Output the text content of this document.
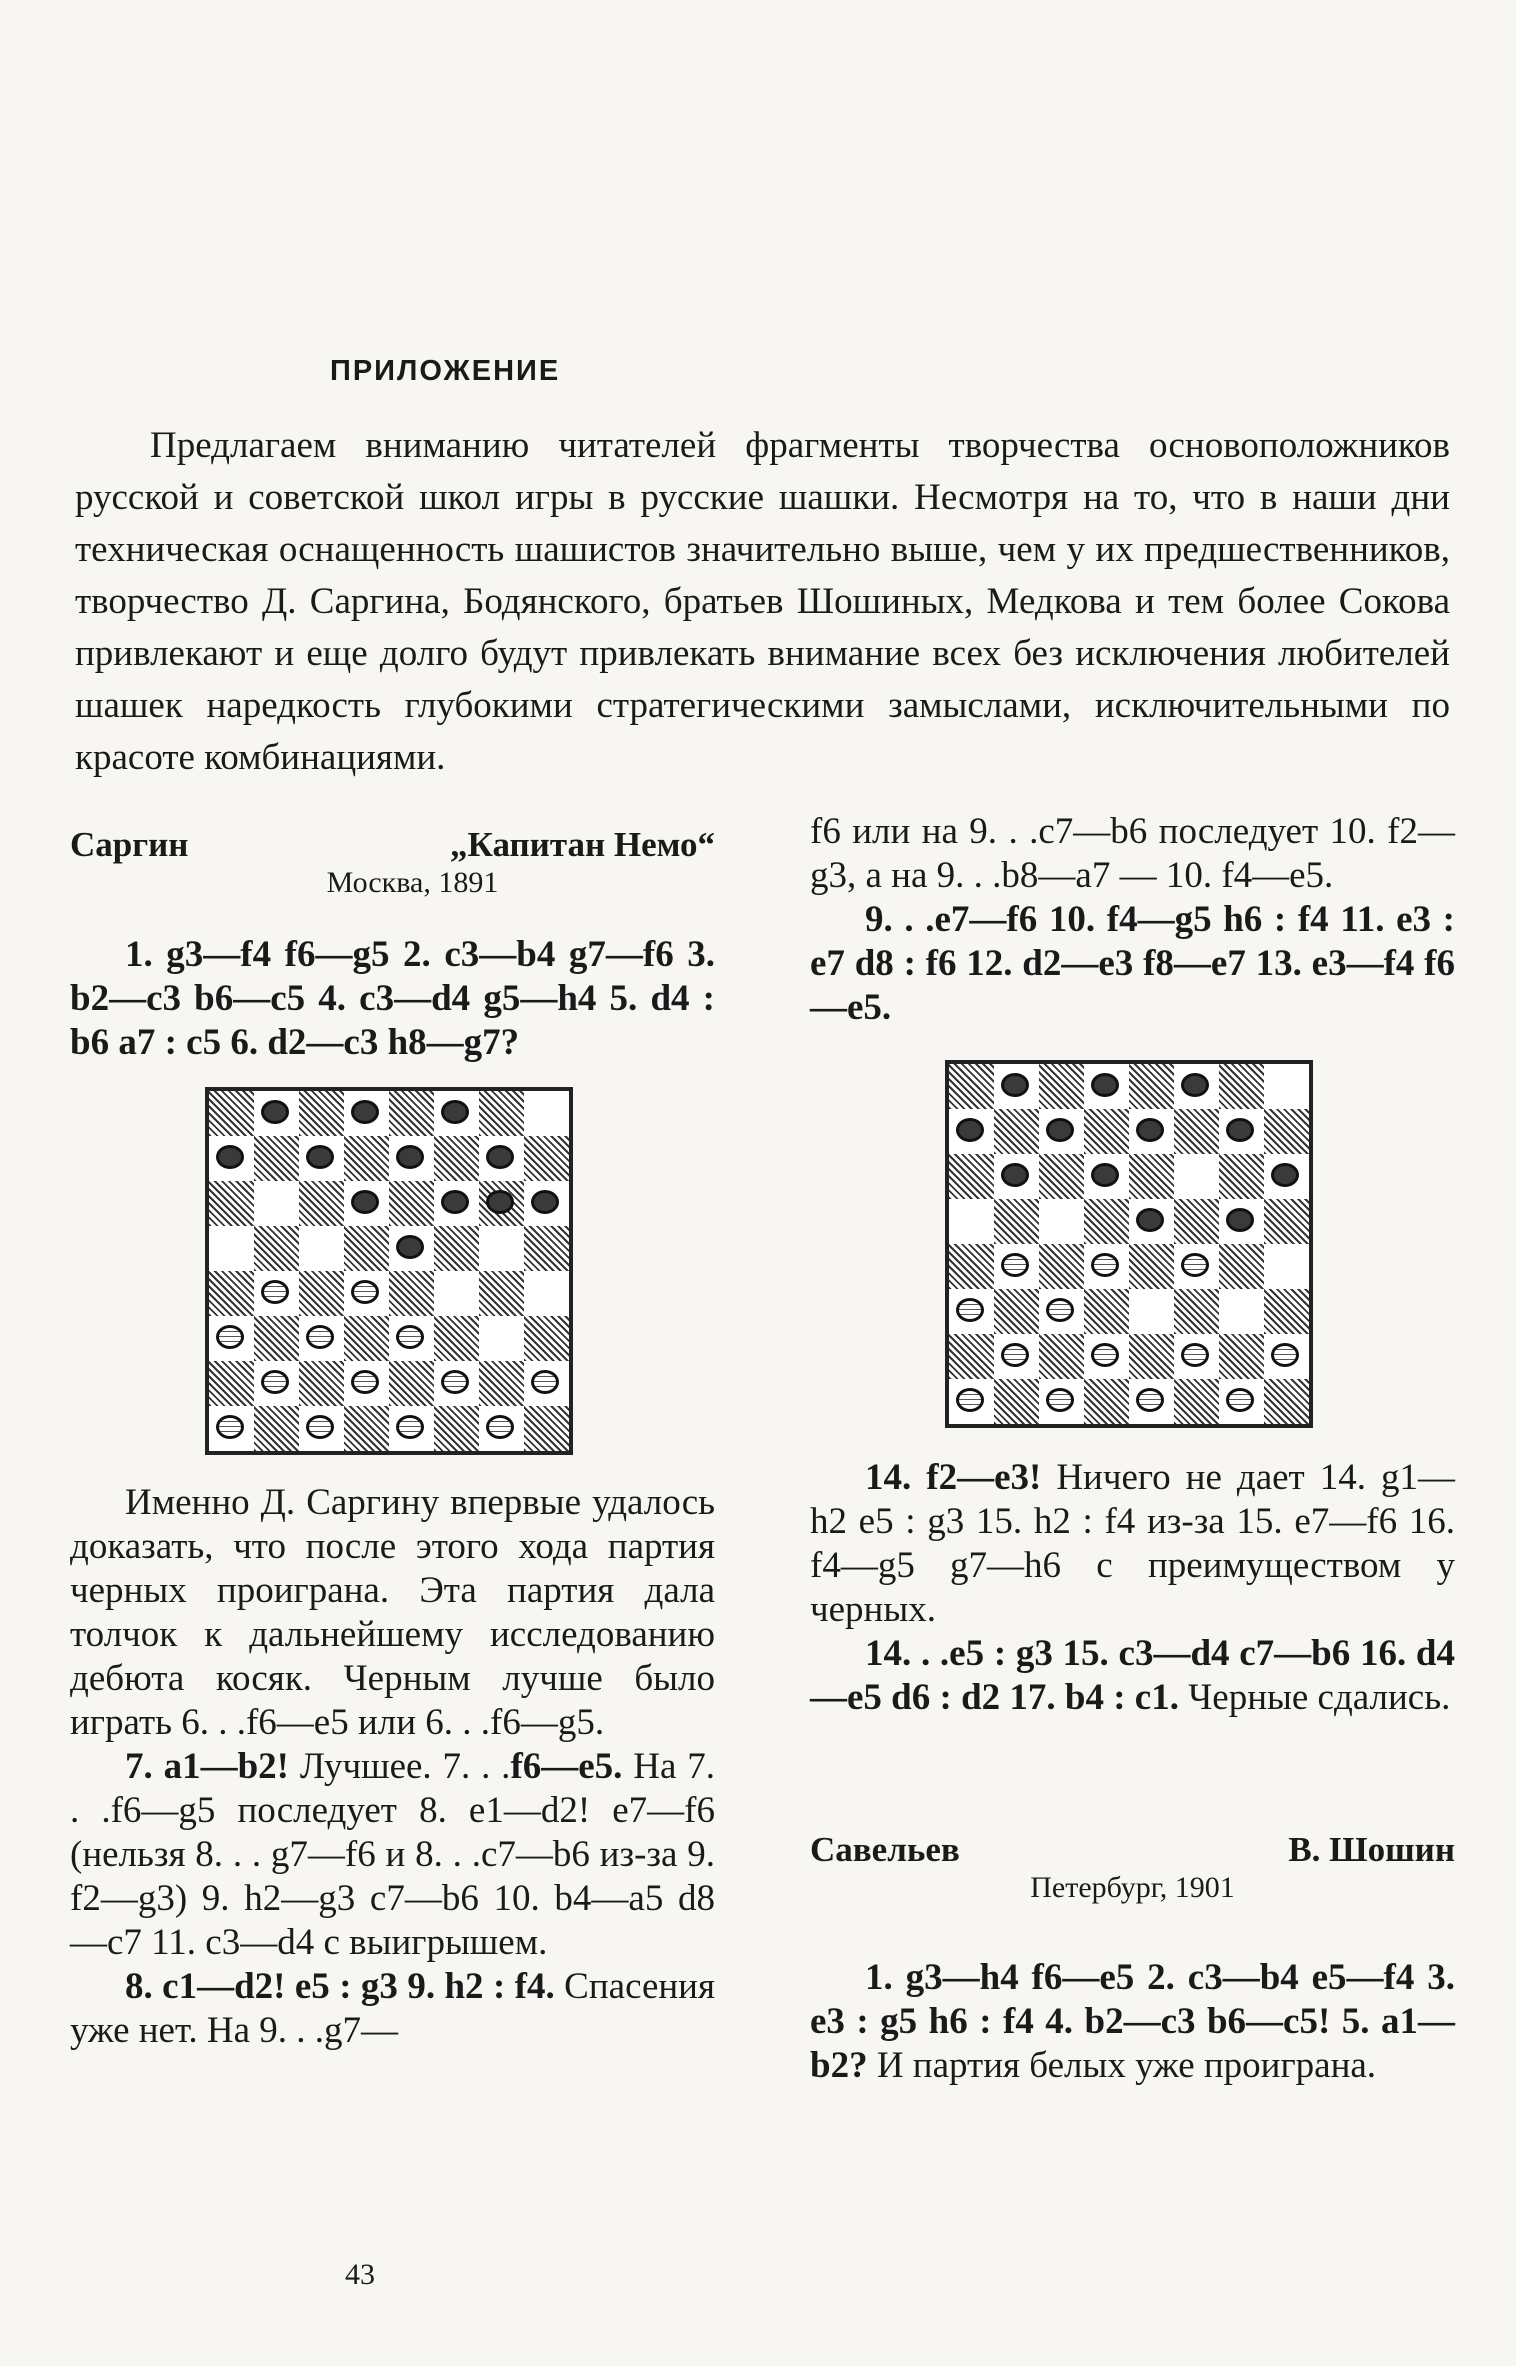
ПРИЛОЖЕНИЕ

Предлагаем вниманию читателей фрагменты творчества основоположников русской и советской школ игры в русские шашки. Несмотря на то, что в наши дни техническая оснащенность шашистов значительно выше, чем у их предшественников, творчество Д. Саргина, Бодянского, братьев Шошиных, Медкова и тем более Сокова привлекают и еще долго будут привлекать внимание всех без исключения любителей шашек наредкость глубокими стратегическими замыслами, исключительными по красоте комбинациями.

Саргин	„Капитан Немо“
Москва, 1891

1. g3—f4 f6—g5 2. c3—b4 g7—f6 3. b2—c3 b6—c5 4. c3—d4 g5—h4 5. d4 : b6 a7 : c5 6. d2—c3 h8—g7?

Именно Д. Саргину впервые удалось доказать, что после этого хода партия черных проиграна. Эта партия дала толчок к дальнейшему исследованию дебюта косяк. Черным лучше было играть 6. . .f6—e5 или 6. . .f6—g5.

7. a1—b2! Лучшее. 7. . .f6—e5. На 7. . .f6—g5 последует 8. e1—d2! e7—f6 (нельзя 8. . . g7—f6 и 8. . .c7—b6 из-за 9. f2—g3) 9. h2—g3 c7—b6 10. b4—a5 d8—c7 11. c3—d4 с выигрышем.

8. c1—d2! e5 : g3 9. h2 : f4. Спасения уже нет. На 9. . .g7—

f6 или на 9. . .c7—b6 последует 10. f2—g3, а на 9. . .b8—a7 — 10. f4—e5.

9. . .e7—f6 10. f4—g5 h6 : f4 11. e3 : e7 d8 : f6 12. d2—e3 f8—e7 13. e3—f4 f6—e5.

14. f2—e3! Ничего не дает 14. g1—h2 e5 : g3 15. h2 : f4 из-за 15. e7—f6 16. f4—g5 g7—h6 с преимуществом у черных.

14. . .e5 : g3 15. c3—d4 c7—b6 16. d4—e5 d6 : d2 17. b4 : c1. Черные сдались.

Савельев	В. Шошин
Петербург, 1901

1. g3—h4 f6—e5 2. c3—b4 e5—f4 3. e3 : g5 h6 : f4 4. b2—c3 b6—c5! 5. a1—b2? И партия белых уже проиграна.

43
